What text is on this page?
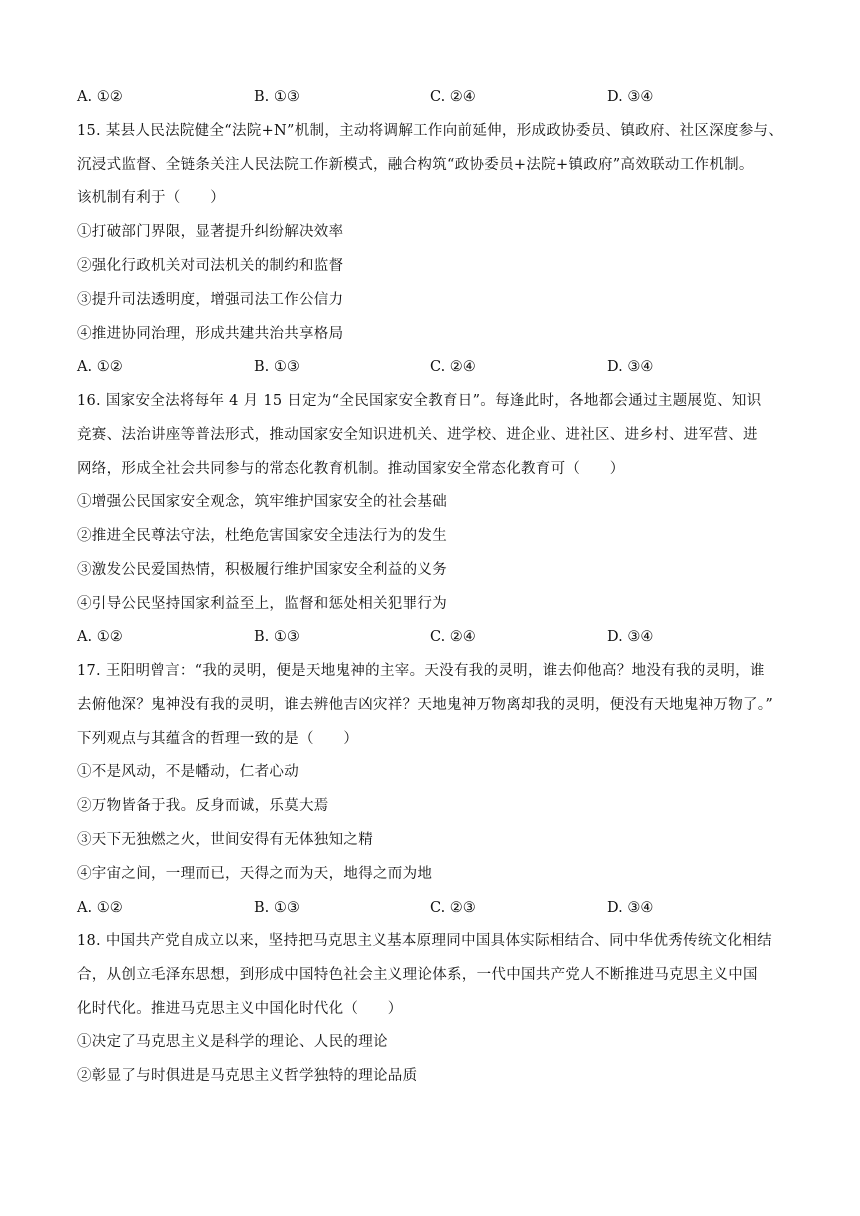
A. ①②	B. ①③	C. ②④	D. ③④
15. 某县人民法院健全“法院+N”机制，主动将调解工作向前延伸，形成政协委员、镇政府、社区深度参与、
沉浸式监督、全链条关注人民法院工作新模式，融合构筑“政协委员+法院+镇政府”高效联动工作机制。
该机制有利于（　　）
①打破部门界限，显著提升纠纷解决效率
②强化行政机关对司法机关的制约和监督
③提升司法透明度，增强司法工作公信力
④推进协同治理，形成共建共治共享格局
A. ①②	B. ①③	C. ②④	D. ③④
16. 国家安全法将每年 4 月 15 日定为“全民国家安全教育日”。每逢此时，各地都会通过主题展览、知识
竞赛、法治讲座等普法形式，推动国家安全知识进机关、进学校、进企业、进社区、进乡村、进军营、进
网络，形成全社会共同参与的常态化教育机制。推动国家安全常态化教育可（　　）
①增强公民国家安全观念，筑牢维护国家安全的社会基础
②推进全民尊法守法，杜绝危害国家安全违法行为的发生
③激发公民爱国热情，积极履行维护国家安全利益的义务
④引导公民坚持国家利益至上，监督和惩处相关犯罪行为
A. ①②	B. ①③	C. ②④	D. ③④
17. 王阳明曾言：“我的灵明，便是天地鬼神的主宰。天没有我的灵明，谁去仰他高？地没有我的灵明，谁
去俯他深？鬼神没有我的灵明，谁去辨他吉凶灾祥？天地鬼神万物离却我的灵明，便没有天地鬼神万物了。”
下列观点与其蕴含的哲理一致的是（　　）
①不是风动，不是幡动，仁者心动
②万物皆备于我。反身而诚，乐莫大焉
③天下无独燃之火，世间安得有无体独知之精
④宇宙之间，一理而已，天得之而为天，地得之而为地
A. ①②	B. ①③	C. ②③	D. ③④
18. 中国共产党自成立以来，坚持把马克思主义基本原理同中国具体实际相结合、同中华优秀传统文化相结
合，从创立毛泽东思想，到形成中国特色社会主义理论体系，一代中国共产党人不断推进马克思主义中国
化时代化。推进马克思主义中国化时代化（　　）
①决定了马克思主义是科学的理论、人民的理论
②彰显了与时俱进是马克思主义哲学独特的理论品质
